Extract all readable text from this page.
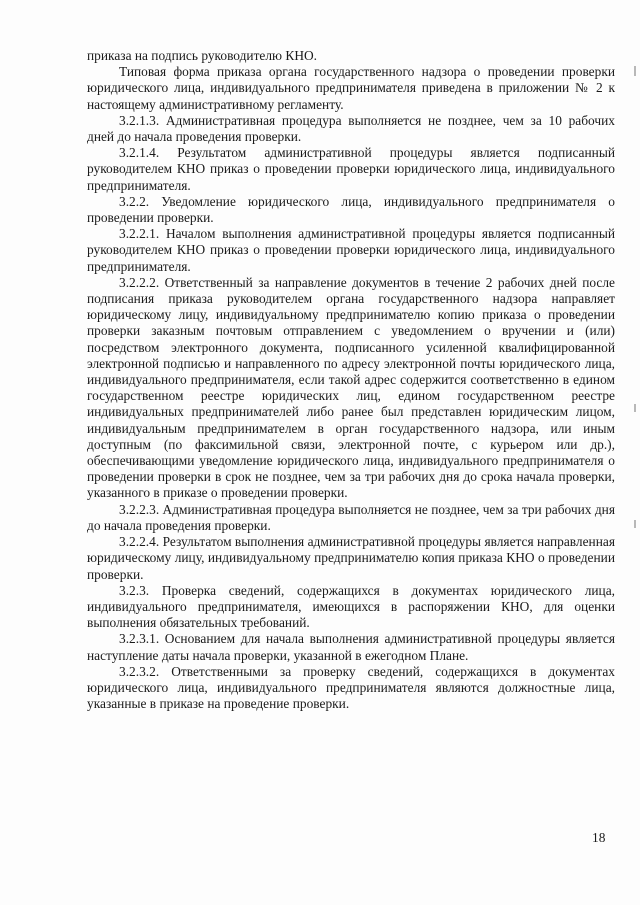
приказа на подпись руководителю КНО.

Типовая форма приказа органа государственного надзора о проведении проверки юридического лица, индивидуального предпринимателя приведена в приложении № 2 к настоящему административному регламенту.

3.2.1.3. Административная процедура выполняется не позднее, чем за 10 рабочих дней до начала проведения проверки.

3.2.1.4. Результатом административной процедуры является подписанный руководителем КНО приказ о проведении проверки юридического лица, индивидуального предпринимателя.

3.2.2. Уведомление юридического лица, индивидуального предпринимателя о проведении проверки.

3.2.2.1. Началом выполнения административной процедуры является подписанный руководителем КНО приказ о проведении проверки юридического лица, индивидуального предпринимателя.

3.2.2.2. Ответственный за направление документов в течение 2 рабочих дней после подписания приказа руководителем органа государственного надзора направляет юридическому лицу, индивидуальному предпринимателю копию приказа о проведении проверки заказным почтовым отправлением с уведомлением о вручении и (или) посредством электронного документа, подписанного усиленной квалифицированной электронной подписью и направленного по адресу электронной почты юридического лица, индивидуального предпринимателя, если такой адрес содержится соответственно в едином государственном реестре юридических лиц, едином государственном реестре индивидуальных предпринимателей либо ранее был представлен юридическим лицом, индивидуальным предпринимателем в орган государственного надзора, или иным доступным (по факсимильной связи, электронной почте, с курьером или др.), обеспечивающими уведомление юридического лица, индивидуального предпринимателя о проведении проверки в срок не позднее, чем за три рабочих дня до срока начала проверки, указанного в приказе о проведении проверки.

3.2.2.3. Административная процедура выполняется не позднее, чем за три рабочих дня до начала проведения проверки.

3.2.2.4. Результатом выполнения административной процедуры является направленная юридическому лицу, индивидуальному предпринимателю копия приказа КНО о проведении проверки.

3.2.3. Проверка сведений, содержащихся в документах юридического лица, индивидуального предпринимателя, имеющихся в распоряжении КНО, для оценки выполнения обязательных требований.

3.2.3.1. Основанием для начала выполнения административной процедуры является наступление даты начала проверки, указанной в ежегодном Плане.

3.2.3.2. Ответственными за проверку сведений, содержащихся в документах юридического лица, индивидуального предпринимателя являются должностные лица, указанные в приказе на проведение проверки.

18
